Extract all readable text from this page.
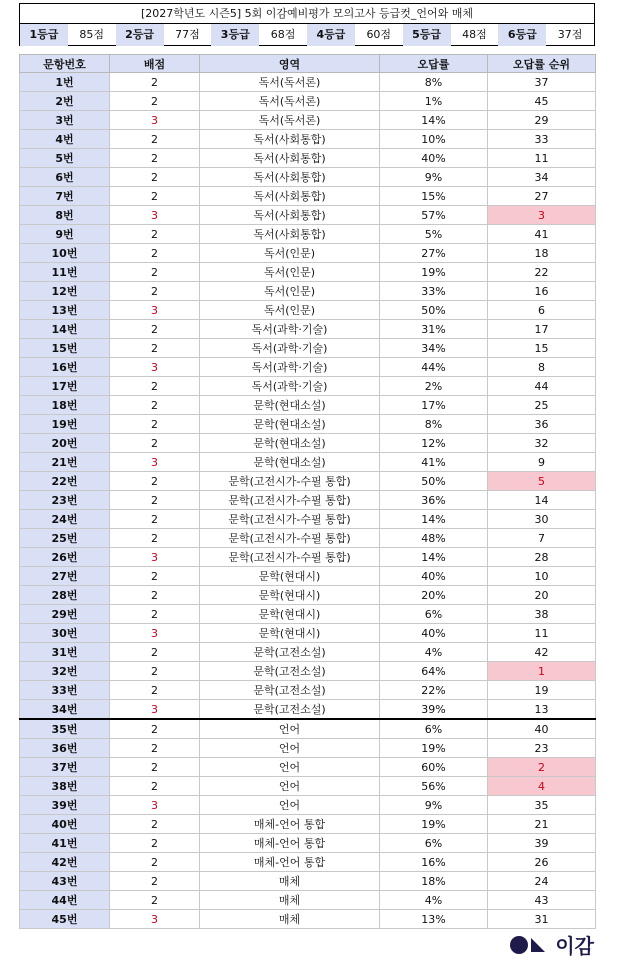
[2027학년도 시즌5] 5회 이감예비평가 모의고사 등급컷_언어와 매체
1등급	85점	2등급	77점	3등급	68점	4등급	60점	5등급	48점	6등급	37점
문항번호	배점	영역	오답률	오답률 순위
1번	2	독서(독서론)	8%	37
2번	2	독서(독서론)	1%	45
3번	3	독서(독서론)	14%	29
4번	2	독서(사회통합)	10%	33
5번	2	독서(사회통합)	40%	11
6번	2	독서(사회통합)	9%	34
7번	2	독서(사회통합)	15%	27
8번	3	독서(사회통합)	57%	3
9번	2	독서(사회통합)	5%	41
10번	2	독서(인문)	27%	18
11번	2	독서(인문)	19%	22
12번	2	독서(인문)	33%	16
13번	3	독서(인문)	50%	6
14번	2	독서(과학·기술)	31%	17
15번	2	독서(과학·기술)	34%	15
16번	3	독서(과학·기술)	44%	8
17번	2	독서(과학·기술)	2%	44
18번	2	문학(현대소설)	17%	25
19번	2	문학(현대소설)	8%	36
20번	2	문학(현대소설)	12%	32
21번	3	문학(현대소설)	41%	9
22번	2	문학(고전시가-수필 통합)	50%	5
23번	2	문학(고전시가-수필 통합)	36%	14
24번	2	문학(고전시가-수필 통합)	14%	30
25번	2	문학(고전시가-수필 통합)	48%	7
26번	3	문학(고전시가-수필 통합)	14%	28
27번	2	문학(현대시)	40%	10
28번	2	문학(현대시)	20%	20
29번	2	문학(현대시)	6%	38
30번	3	문학(현대시)	40%	11
31번	2	문학(고전소설)	4%	42
32번	2	문학(고전소설)	64%	1
33번	2	문학(고전소설)	22%	19
34번	3	문학(고전소설)	39%	13
35번	2	언어	6%	40
36번	2	언어	19%	23
37번	2	언어	60%	2
38번	2	언어	56%	4
39번	3	언어	9%	35
40번	2	매체-언어 통합	19%	21
41번	2	매체-언어 통합	6%	39
42번	2	매체-언어 통합	16%	26
43번	2	매체	18%	24
44번	2	매체	4%	43
45번	3	매체	13%	31
이감
